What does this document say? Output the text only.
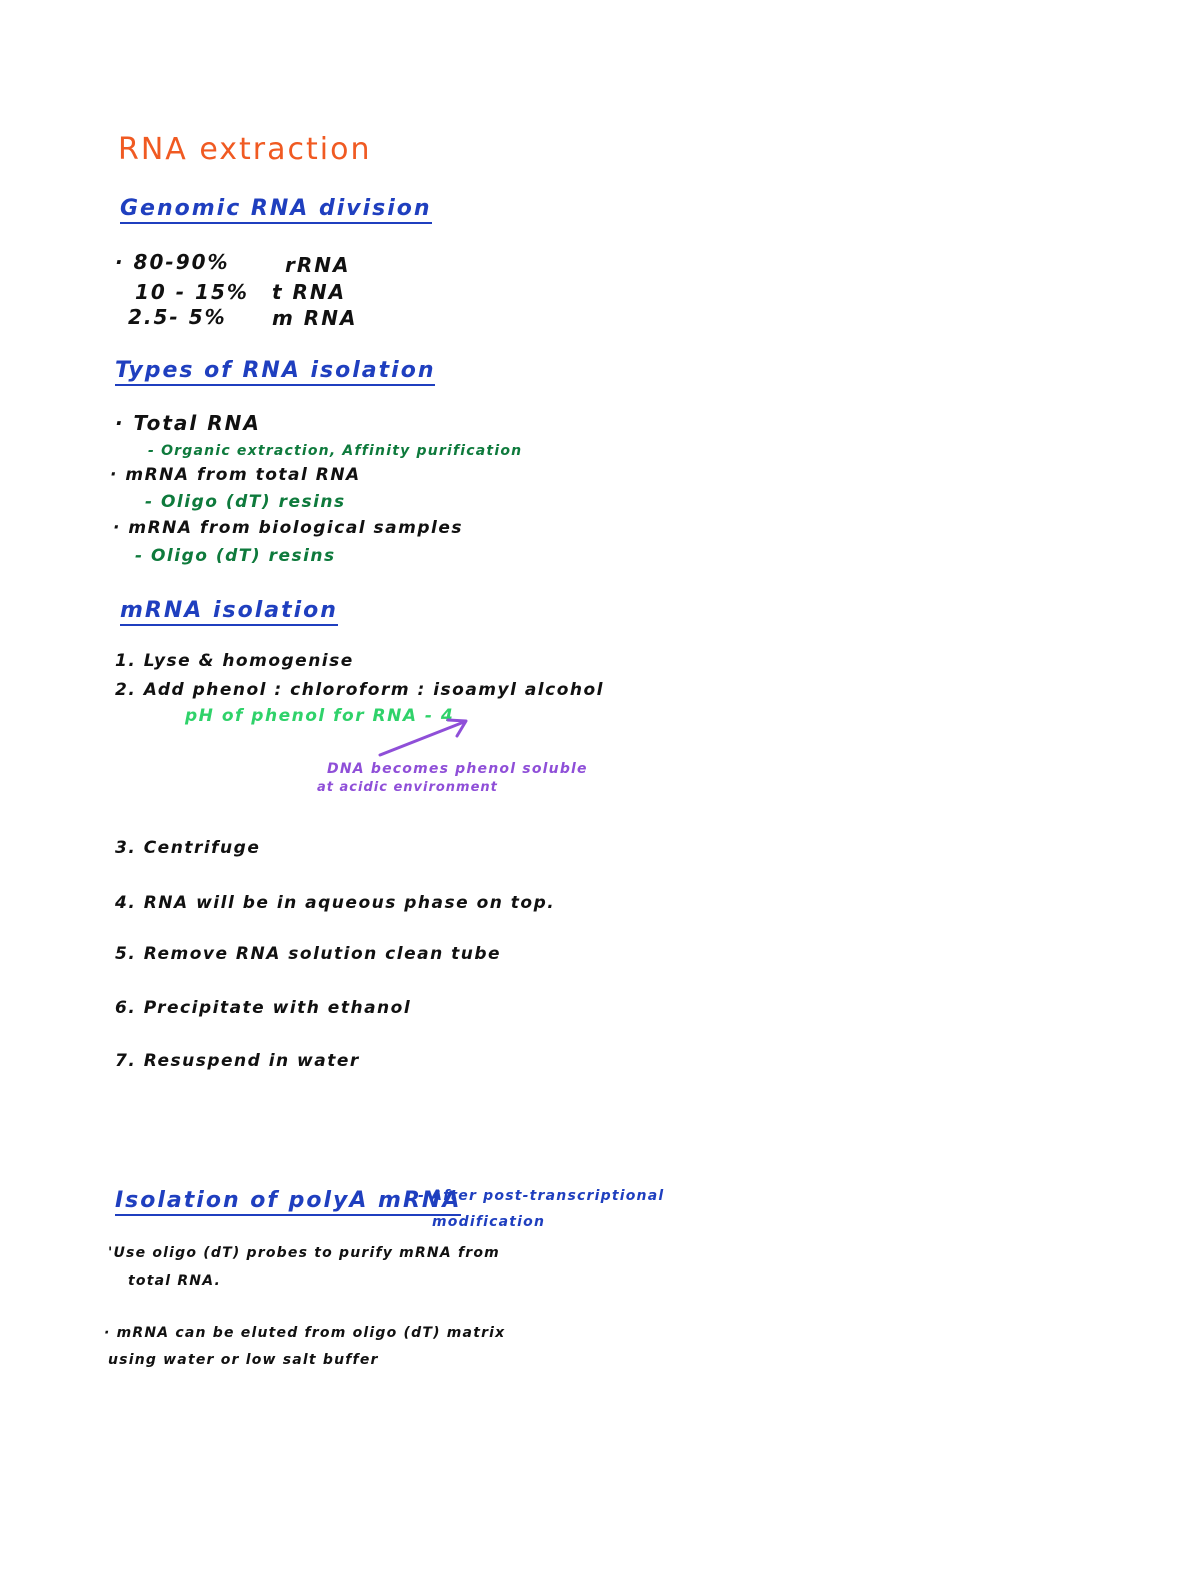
RNA extraction
Genomic RNA division
· 80-90%	rRNA
10 - 15% t RNA
2.5- 5% m RNA
Types of RNA isolation
· Total RNA
- Organic extraction, Affinity purification
· mRNA from total RNA
- Oligo (dT) resins
· mRNA from biological samples
- Oligo (dT) resins
mRNA isolation
1. Lyse & homogenise
2. Add phenol : chloroform : isoamyl alcohol
pH of phenol for RNA - 4
DNA becomes phenol soluble
at acidic environment
3. Centrifuge
4. RNA will be in aqueous phase on top.
5. Remove RNA solution clean tube
6. Precipitate with ethanol
7. Resuspend in water
Isolation of polyA mRNA
- After post-transcriptional
modification
'Use oligo (dT) probes to purify mRNA from
total RNA.
· mRNA can be eluted from oligo (dT) matrix
using water or low salt buffer
